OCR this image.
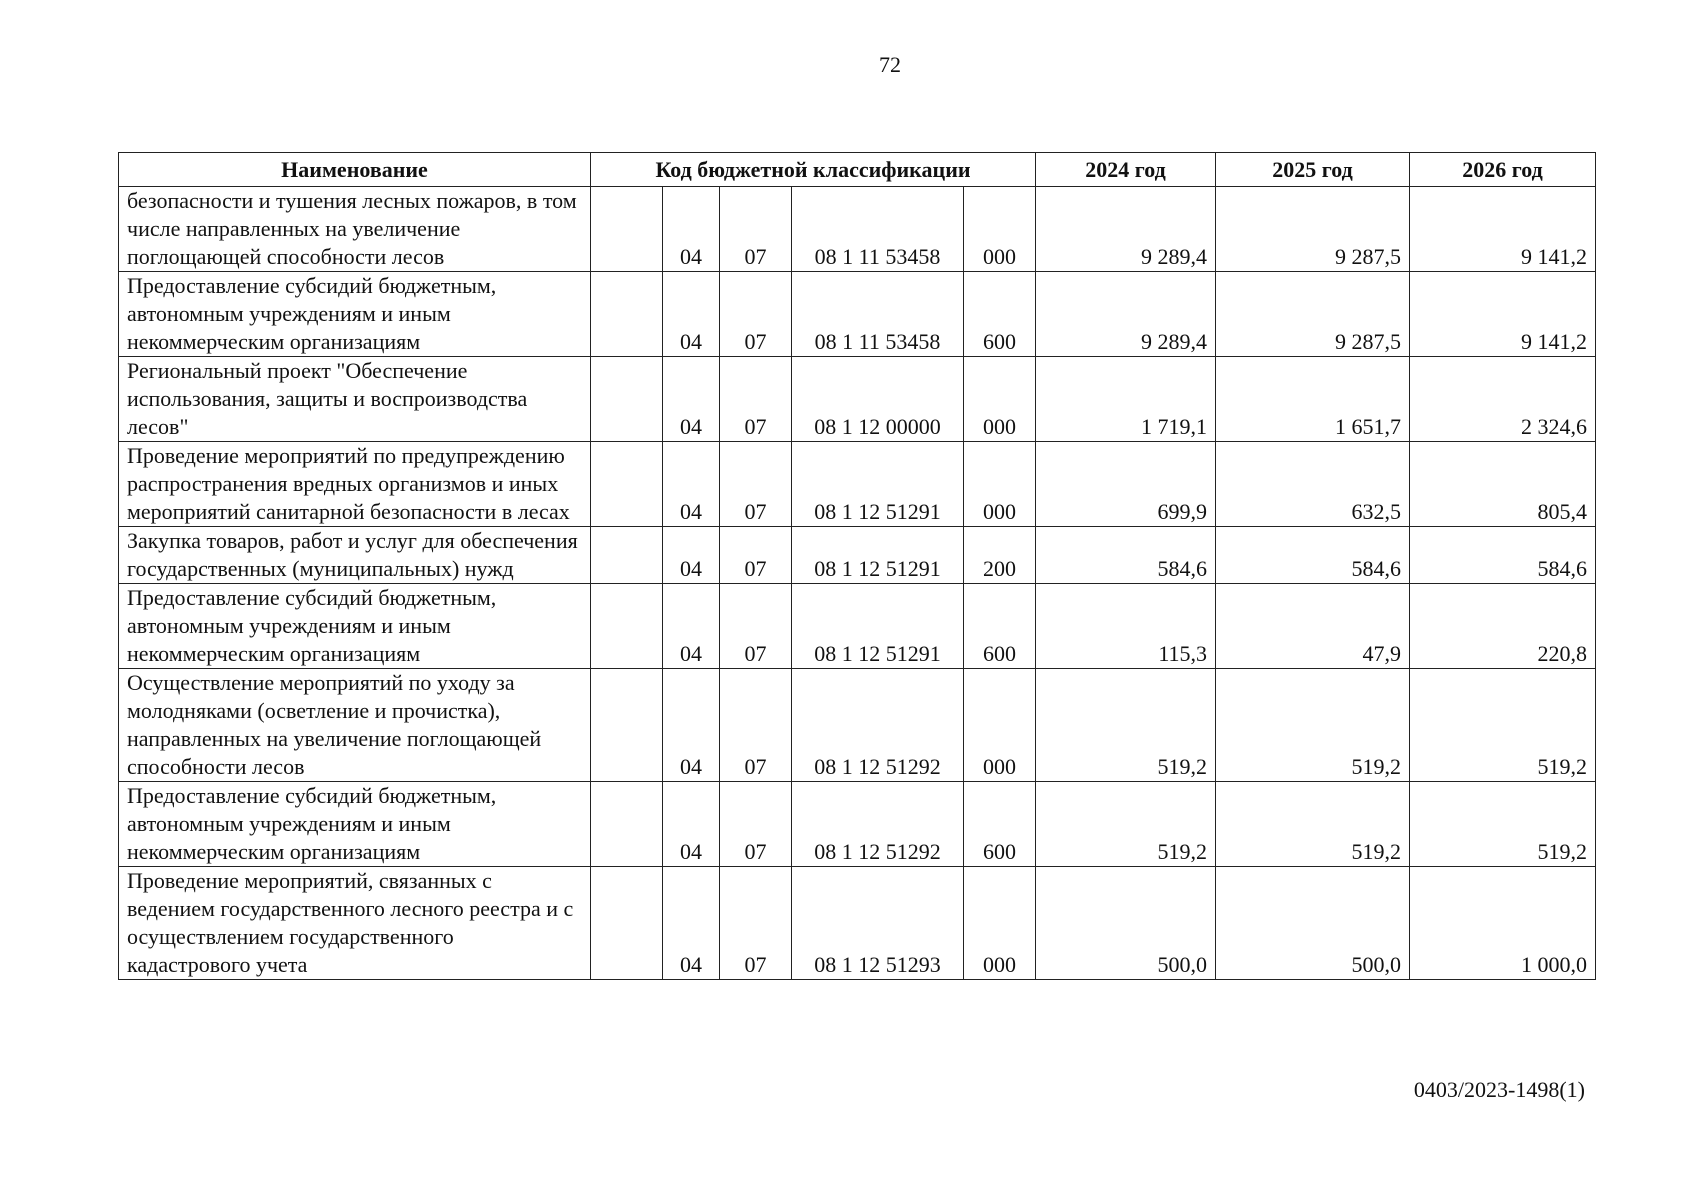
72
Наименование	Код бюджетной классификации					2024 год	2025 год	2026 год
безопасности и тушения лесных пожаров, в том числе направленных на увеличение поглощающей способности лесов		04	07	08 1 11 53458	000	9 289,4	9 287,5	9 141,2
Предоставление субсидий бюджетным, автономным учреждениям и иным некоммерческим организациям		04	07	08 1 11 53458	600	9 289,4	9 287,5	9 141,2
Региональный проект "Обеспечение использования, защиты и воспроизводства лесов"		04	07	08 1 12 00000	000	1 719,1	1 651,7	2 324,6
Проведение мероприятий по предупреждению распространения вредных организмов и иных мероприятий санитарной безопасности в лесах		04	07	08 1 12 51291	000	699,9	632,5	805,4
Закупка товаров, работ и услуг для обеспечения государственных (муниципальных) нужд		04	07	08 1 12 51291	200	584,6	584,6	584,6
Предоставление субсидий бюджетным, автономным учреждениям и иным некоммерческим организациям		04	07	08 1 12 51291	600	115,3	47,9	220,8
Осуществление мероприятий по уходу за молодняками (осветление и прочистка), направленных на увеличение поглощающей способности лесов		04	07	08 1 12 51292	000	519,2	519,2	519,2
Предоставление субсидий бюджетным, автономным учреждениям и иным некоммерческим организациям		04	07	08 1 12 51292	600	519,2	519,2	519,2
Проведение мероприятий, связанных с ведением государственного лесного реестра и с осуществлением государственного кадастрового учета		04	07	08 1 12 51293	000	500,0	500,0	1 000,0
0403/2023-1498(1)
